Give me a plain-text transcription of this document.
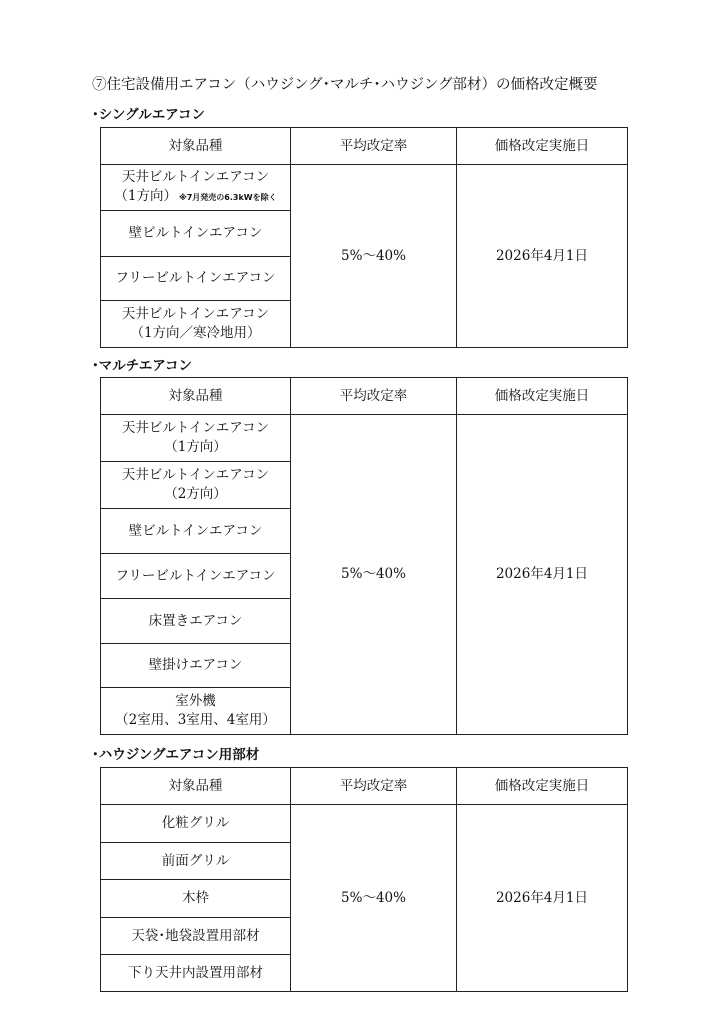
⑦住宅設備用エアコン（ハウジング･マルチ･ハウジング部材）の価格改定概要
･シングルエアコン
対象品種	平均改定率	価格改定実施日

天井ビルトインエアコン
（1方向） ※7月発売の6.3kWを除く	5%～40%	2026年4月1日
壁ビルトインエアコン		
フリービルトインエアコン		

天井ビルトインエアコン
（1方向／寒冷地用）		
･マルチエアコン
対象品種	平均改定率	価格改定実施日

天井ビルトインエアコン
（1方向）	5%～40%	2026年4月1日

天井ビルトインエアコン
（2方向）		

壁ビルトインエアコン		
フリービルトインエアコン		
床置きエアコン		
壁掛けエアコン		

室外機
（2室用、3室用、4室用）		
･ハウジングエアコン用部材
対象品種	平均改定率	価格改定実施日
化粧グリル	5%～40%	2026年4月1日
前面グリル		
木枠		
天袋･地袋設置用部材		
下り天井内設置用部材		
